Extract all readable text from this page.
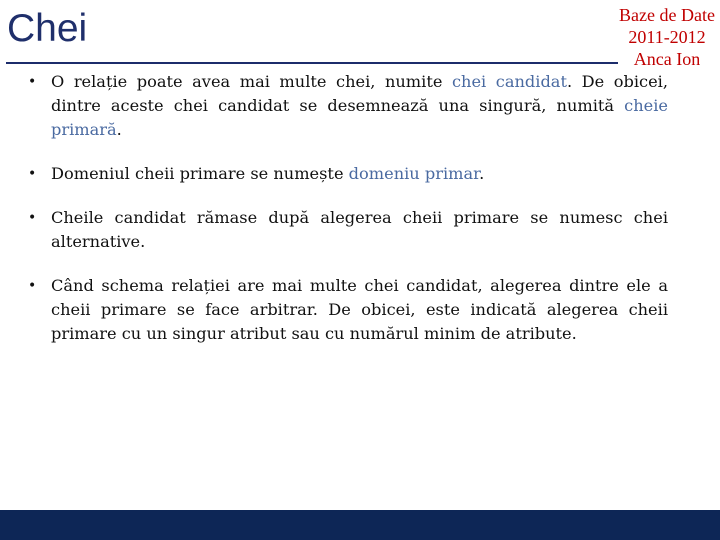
Chei	Baze de Date
2011-2012
Anca Ion
• O relație poate avea mai multe chei, numite chei candidat. De obicei, dintre aceste chei candidat se desemnează una singură, numită cheie primară.
• Domeniul cheii primare se numește domeniu primar.
• Cheile candidat rămase după alegerea cheii primare se numesc chei alternative.
• Când schema relației are mai multe chei candidat, alegerea dintre ele a cheii primare se face arbitrar. De obicei, este indicată alegerea cheii primare cu un singur atribut sau cu numărul minim de atribute.
